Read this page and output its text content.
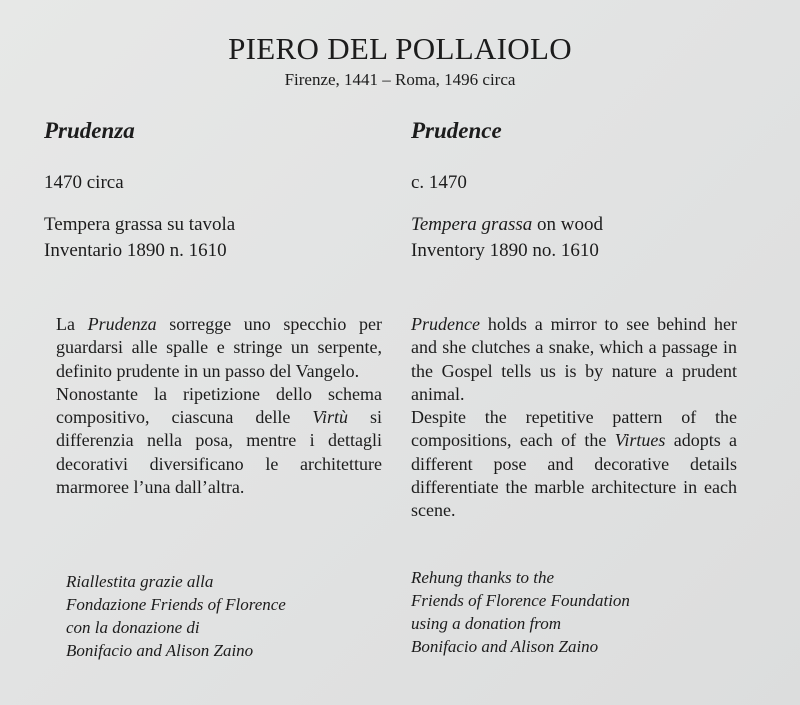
PIERO DEL POLLAIOLO
Firenze, 1441 – Roma, 1496 circa
Prudenza
1470 circa
Tempera grassa su tavola
Inventario 1890 n. 1610

La Prudenza sorregge uno specchio per guardarsi alle spalle e stringe un serpente, definito prudente in un passo del Vangelo.

Nonostante la ripetizione dello schema compositivo, ciascuna delle Virtù si differenzia nella posa, mentre i dettagli decorativi diversificano le architetture marmoree l’una dall’altra.

Riallestita grazie alla
Fondazione Friends of Florence
con la donazione di
Bonifacio and Alison Zaino
Prudence
c. 1470
Tempera grassa on wood
Inventory 1890 no. 1610

Prudence holds a mirror to see behind her and she clutches a snake, which a passage in the Gospel tells us is by nature a prudent animal.

Despite the repetitive pattern of the compositions, each of the Virtues adopts a different pose and decorative details differentiate the marble architecture in each scene.

Rehung thanks to the
Friends of Florence Foundation
using a donation from
Bonifacio and Alison Zaino
